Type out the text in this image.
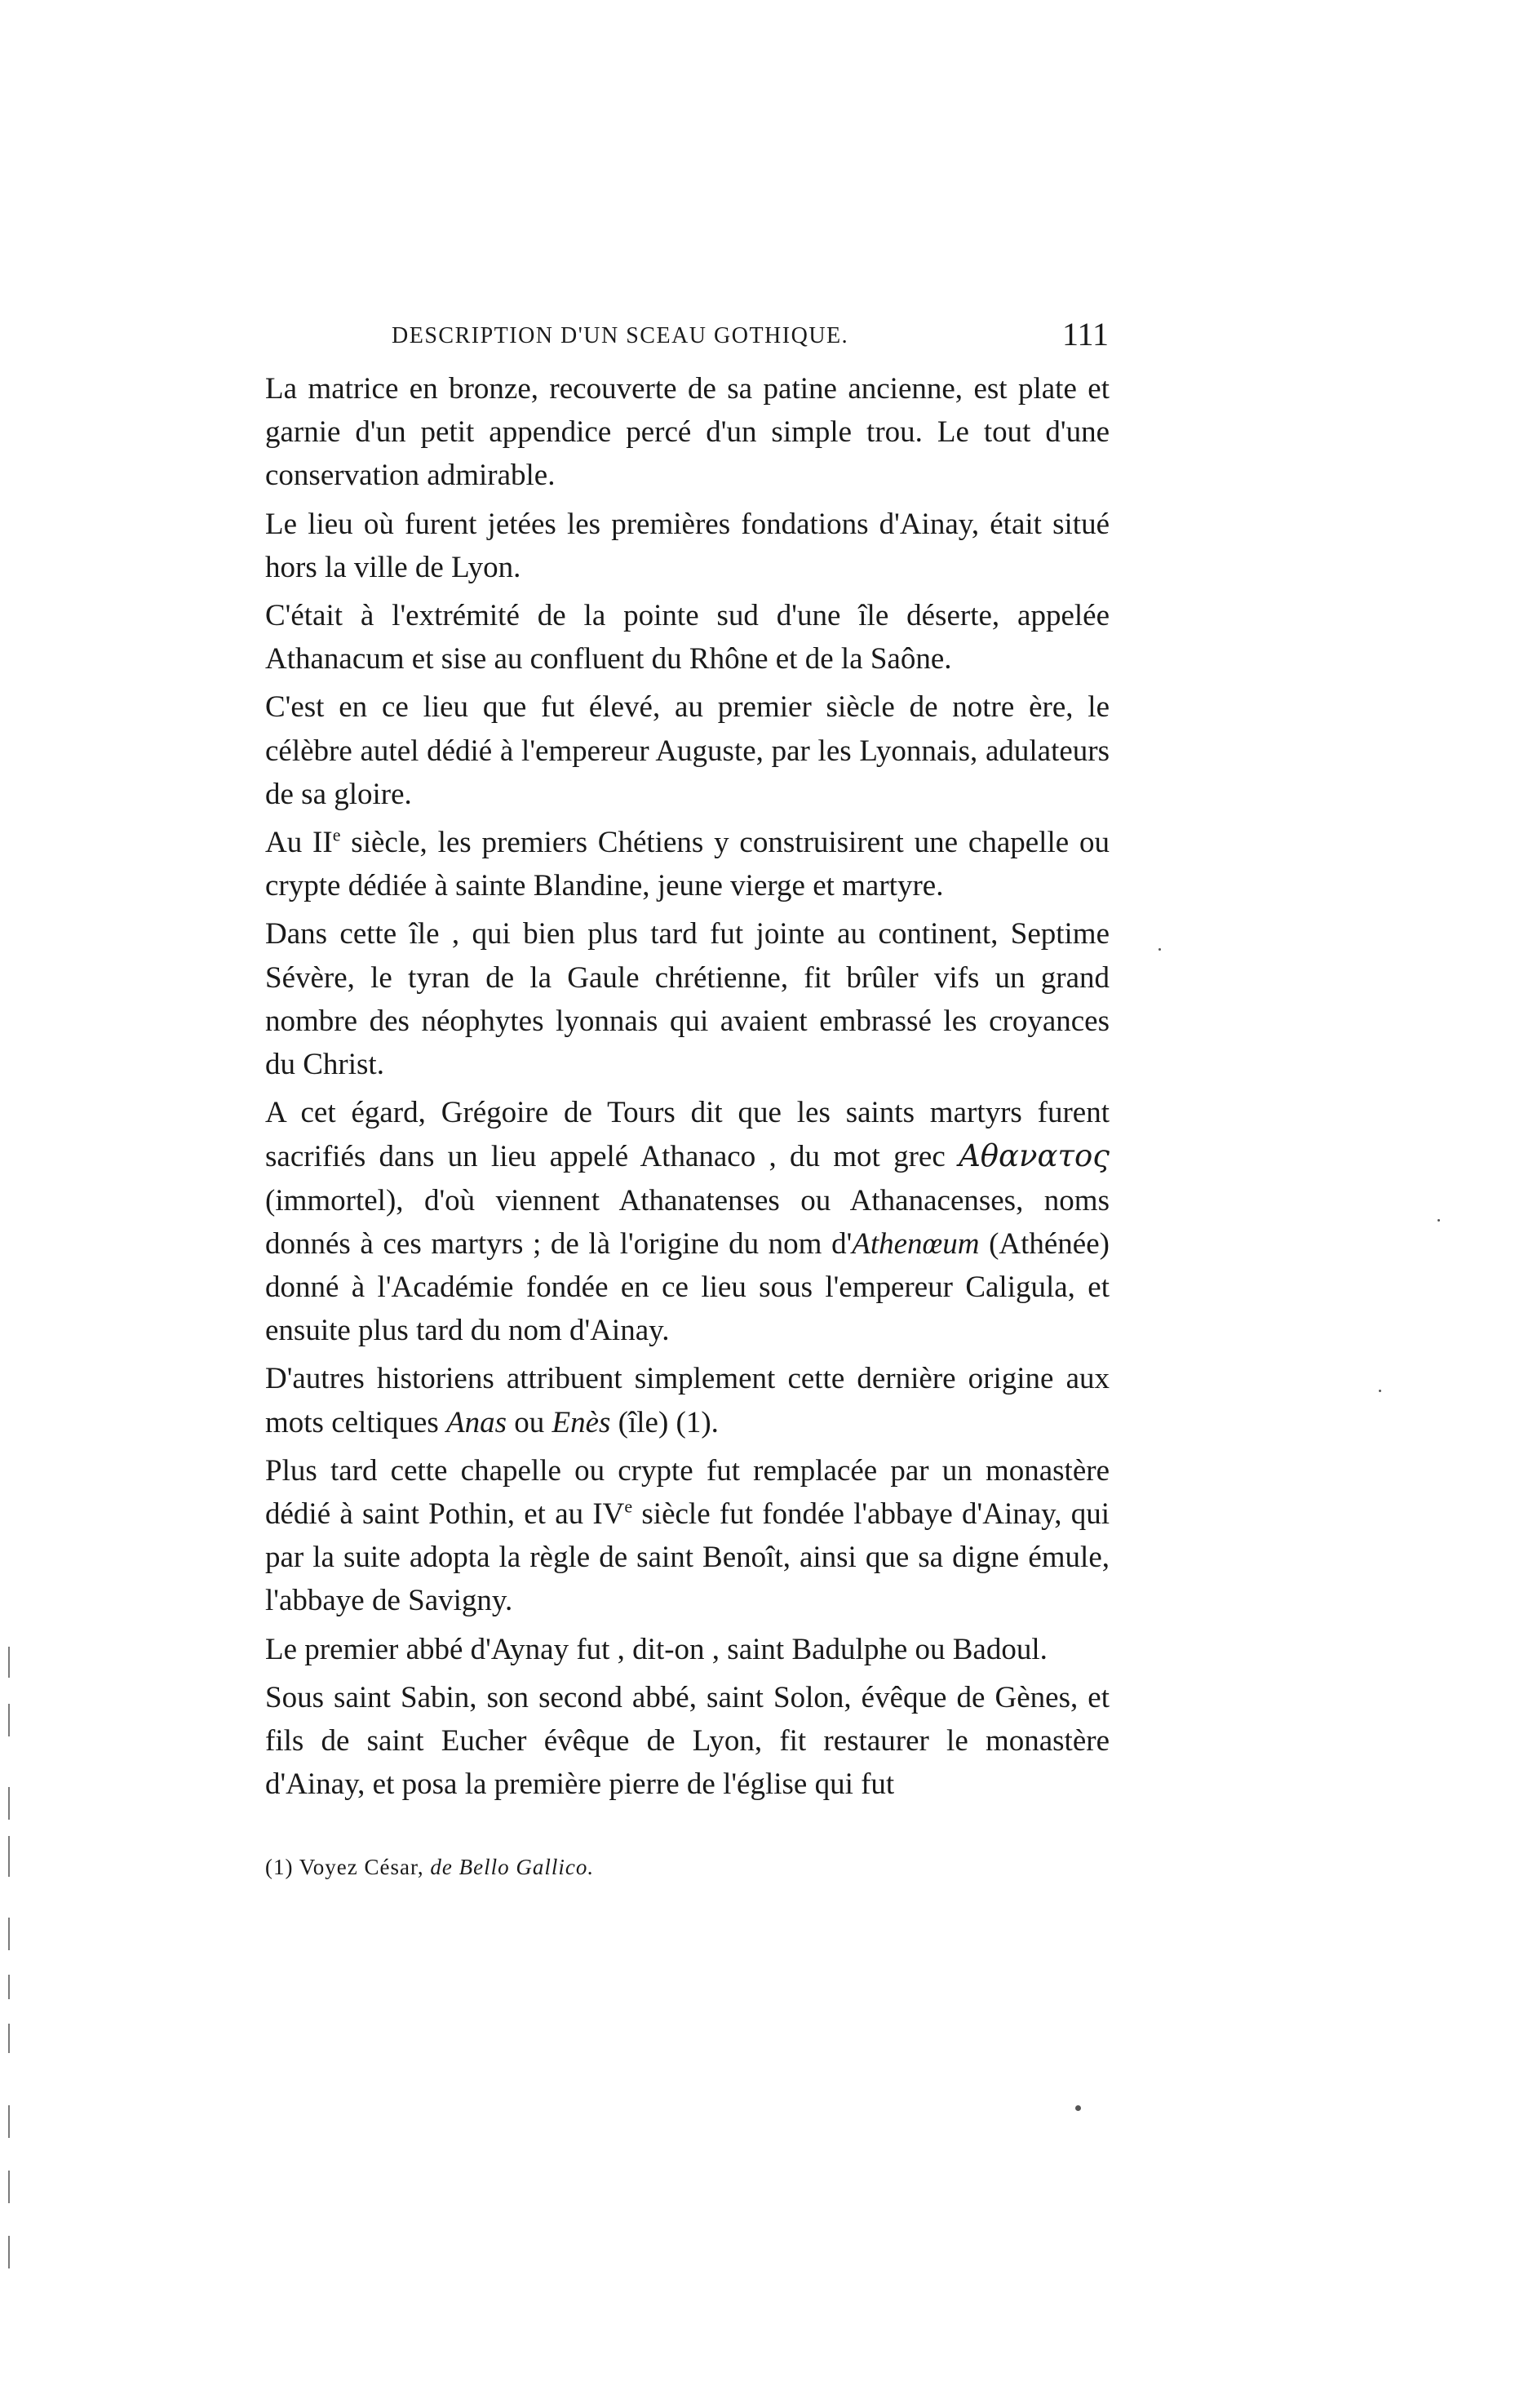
DESCRIPTION D'UN SCEAU GOTHIQUE.	111

La matrice en bronze, recouverte de sa patine ancienne, est plate et garnie d'un petit appendice percé d'un simple trou. Le tout d'une conservation admirable.

Le lieu où furent jetées les premières fondations d'Ainay, était situé hors la ville de Lyon.

C'était à l'extrémité de la pointe sud d'une île déserte, appelée Athanacum et sise au confluent du Rhône et de la Saône.

C'est en ce lieu que fut élevé, au premier siècle de notre ère, le célèbre autel dédié à l'empereur Auguste, par les Lyonnais, adulateurs de sa gloire.

Au IIe siècle, les premiers Chétiens y construisirent une chapelle ou crypte dédiée à sainte Blandine, jeune vierge et martyre.

Dans cette île , qui bien plus tard fut jointe au continent, Septime Sévère, le tyran de la Gaule chrétienne, fit brûler vifs un grand nombre des néophytes lyonnais qui avaient embrassé les croyances du Christ.

A cet égard, Grégoire de Tours dit que les saints martyrs furent sacrifiés dans un lieu appelé Athanaco , du mot grec Αθανατος (immortel), d'où viennent Athanatenses ou Athanacenses, noms donnés à ces martyrs ; de là l'origine du nom d'Athenœum (Athénée) donné à l'Académie fondée en ce lieu sous l'empereur Caligula, et ensuite plus tard du nom d'Ainay.

D'autres historiens attribuent simplement cette dernière origine aux mots celtiques Anas ou Enès (île) (1).

Plus tard cette chapelle ou crypte fut remplacée par un monastère dédié à saint Pothin, et au IVe siècle fut fondée l'abbaye d'Ainay, qui par la suite adopta la règle de saint Benoît, ainsi que sa digne émule, l'abbaye de Savigny.

Le premier abbé d'Aynay fut , dit-on , saint Badulphe ou Badoul.

Sous saint Sabin, son second abbé, saint Solon, évêque de Gènes, et fils de saint Eucher évêque de Lyon, fit restaurer le monastère d'Ainay, et posa la première pierre de l'église qui fut

(1) Voyez César, de Bello Gallico.
